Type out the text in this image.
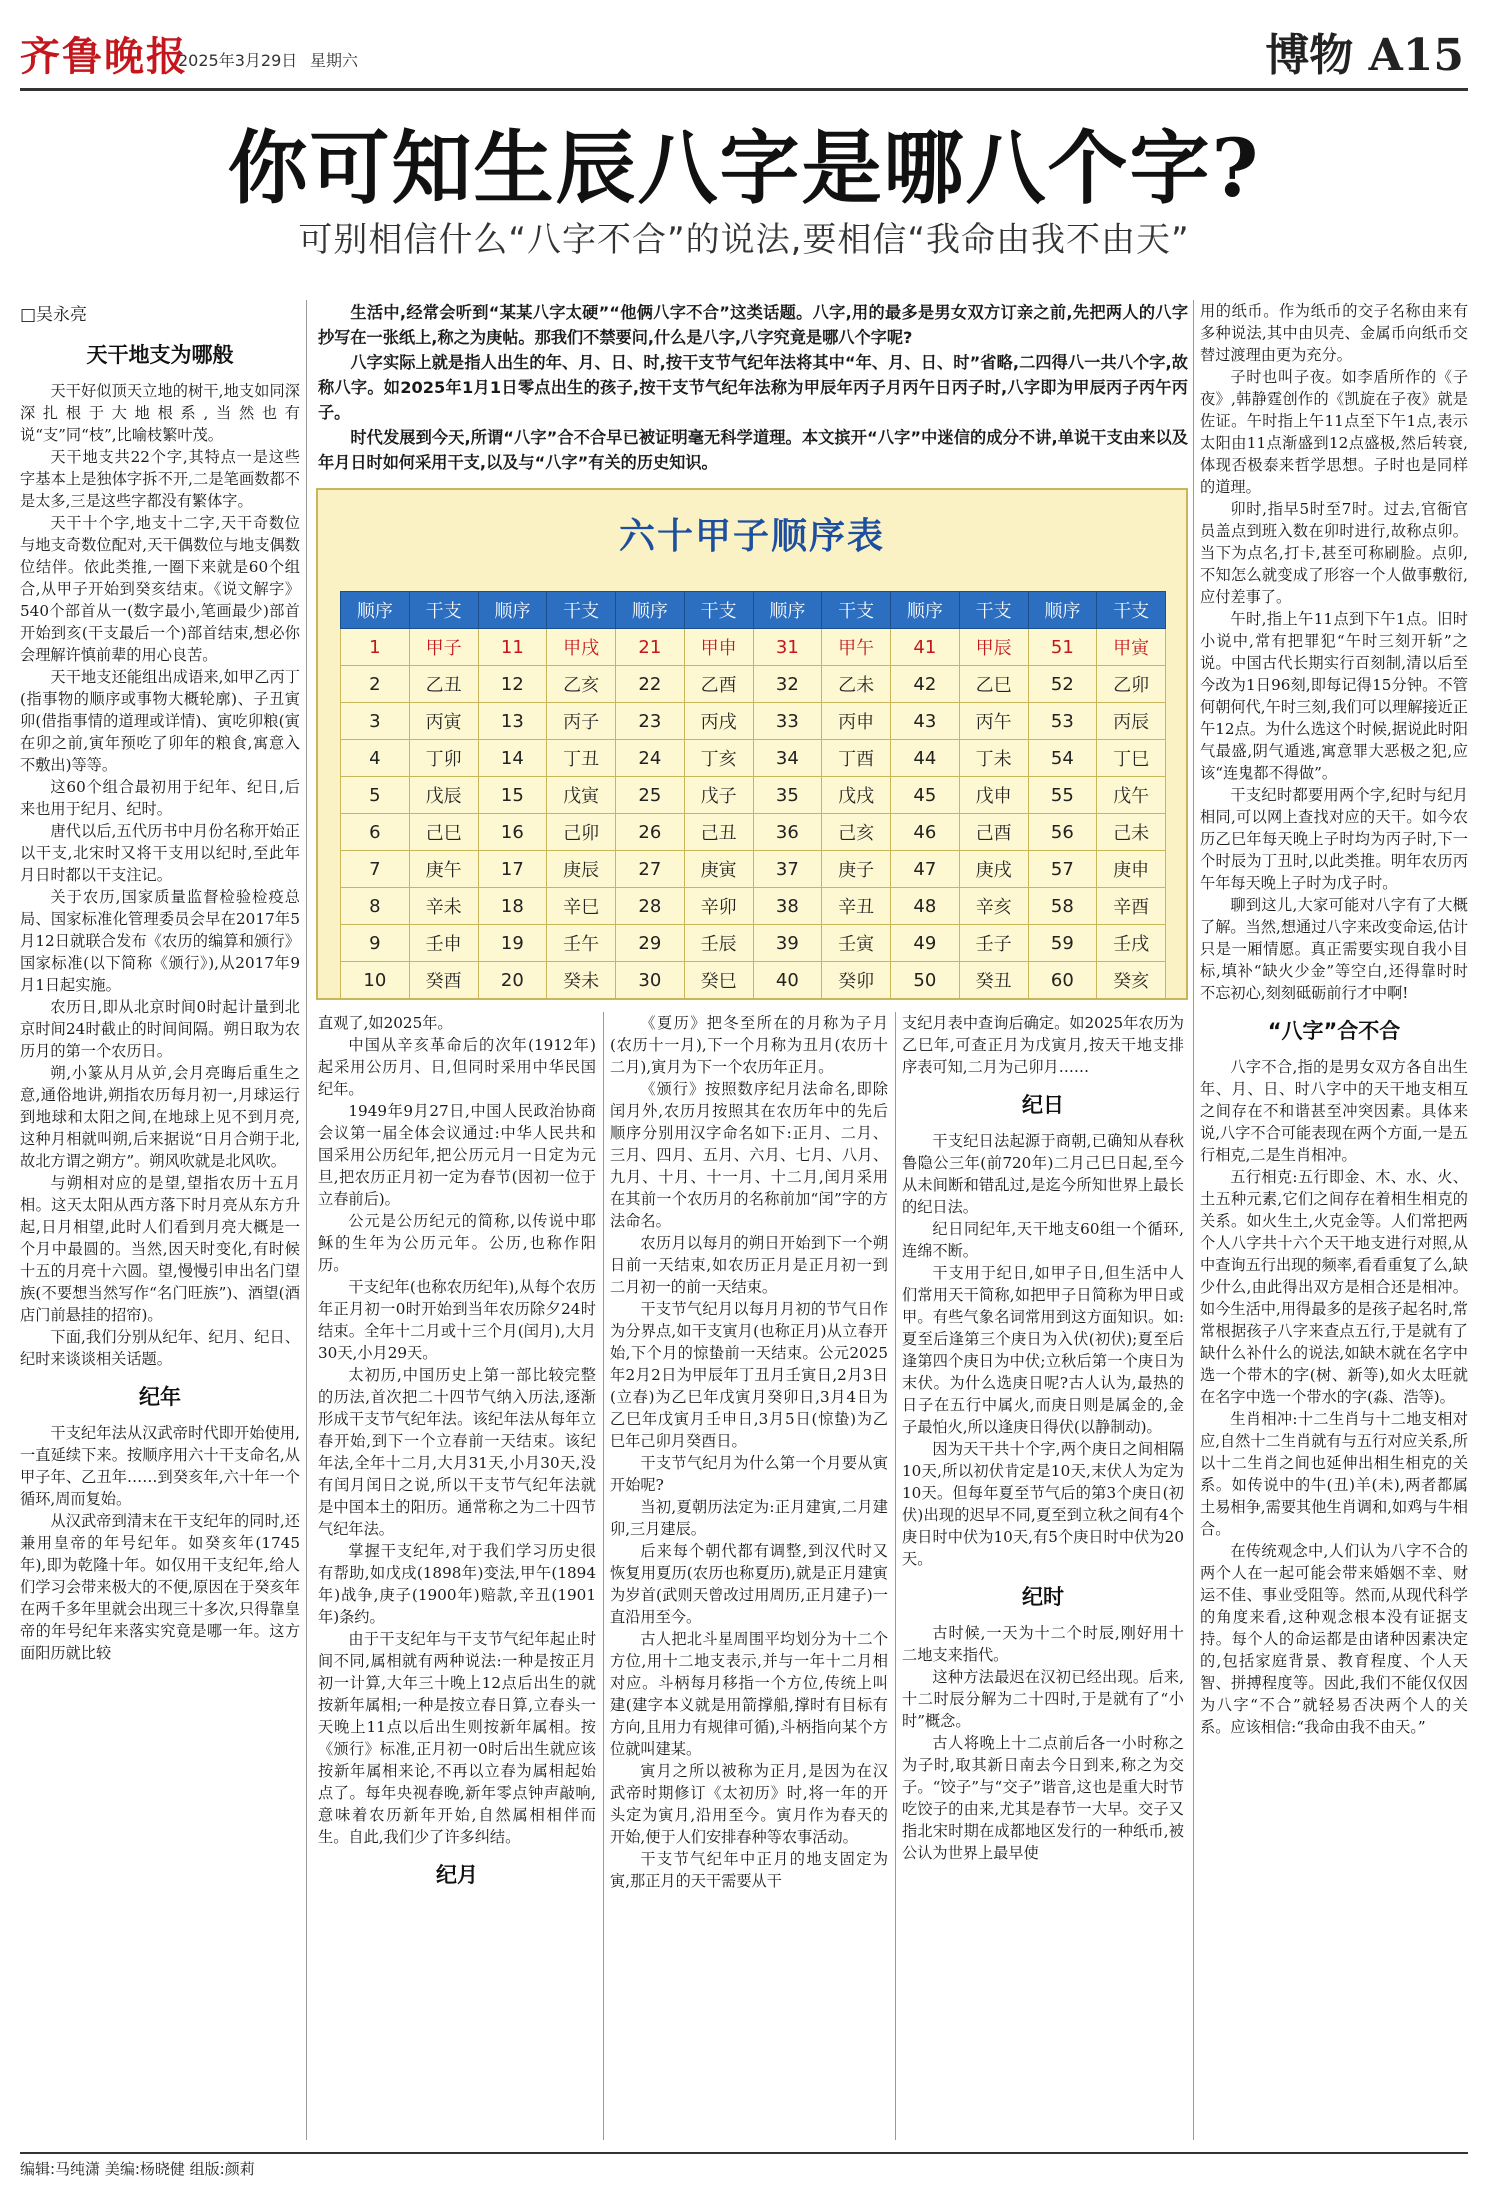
齐鲁晚报
2025年3月29日 星期六	博物 A15
你可知生辰八字是哪八个字?
可别相信什么“八字不合”的说法,要相信“我命由我不由天”
□吴永亮
天干地支为哪般

天干好似顶天立地的树干,地支如同深深扎根于大地根系,当然也有说“支”同“枝”,比喻枝繁叶茂。

天干地支共22个字,其特点一是这些字基本上是独体字拆不开,二是笔画数都不是太多,三是这些字都没有繁体字。

天干十个字,地支十二字,天干奇数位与地支奇数位配对,天干偶数位与地支偶数位结伴。依此类推,一圈下来就是60个组合,从甲子开始到癸亥结束。《说文解字》540个部首从一(数字最小,笔画最少)部首开始到亥(干支最后一个)部首结束,想必你会理解许慎前辈的用心良苦。

天干地支还能组出成语来,如甲乙丙丁(指事物的顺序或事物大概轮廓)、子丑寅卯(借指事情的道理或详情)、寅吃卯粮(寅在卯之前,寅年预吃了卯年的粮食,寓意入不敷出)等等。

这60个组合最初用于纪年、纪日,后来也用于纪月、纪时。

唐代以后,五代历书中月份名称开始正以干支,北宋时又将干支用以纪时,至此年月日时都以干支注记。

关于农历,国家质量监督检验检疫总局、国家标准化管理委员会早在2017年5月12日就联合发布《农历的编算和颁行》国家标准(以下简称《颁行》),从2017年9月1日起实施。

农历日,即从北京时间0时起计量到北京时间24时截止的时间间隔。朔日取为农历月的第一个农历日。

朔,小篆从月从屰,会月亮晦后重生之意,通俗地讲,朔指农历每月初一,月球运行到地球和太阳之间,在地球上见不到月亮,这种月相就叫朔,后来据说“日月合朔于北,故北方谓之朔方”。朔风吹就是北风吹。

与朔相对应的是望,望指农历十五月相。这天太阳从西方落下时月亮从东方升起,日月相望,此时人们看到月亮大概是一个月中最圆的。当然,因天时变化,有时候十五的月亮十六圆。望,慢慢引申出名门望族(不要想当然写作“名门旺族”)、酒望(酒店门前悬挂的招帘)。

下面,我们分别从纪年、纪月、纪日、纪时来谈谈相关话题。

纪年

干支纪年法从汉武帝时代即开始使用,一直延续下来。按顺序用六十干支命名,从甲子年、乙丑年……到癸亥年,六十年一个循环,周而复始。

从汉武帝到清末在干支纪年的同时,还兼用皇帝的年号纪年。如癸亥年(1745年),即为乾隆十年。如仅用干支纪年,给人们学习会带来极大的不便,原因在于癸亥年在两千多年里就会出现三十多次,只得靠皇帝的年号纪年来落实究竟是哪一年。这方面阳历就比较

生活中,经常会听到“某某八字太硬”“他俩八字不合”这类话题。八字,用的最多是男女双方订亲之前,先把两人的八字抄写在一张纸上,称之为庚帖。那我们不禁要问,什么是八字,八字究竟是哪八个字呢?

八字实际上就是指人出生的年、月、日、时,按干支节气纪年法将其中“年、月、日、时”省略,二四得八一共八个字,故称八字。如2025年1月1日零点出生的孩子,按干支节气纪年法称为甲辰年丙子月丙午日丙子时,八字即为甲辰丙子丙午丙子。

时代发展到今天,所谓“八字”合不合早已被证明毫无科学道理。本文摈开“八字”中迷信的成分不讲,单说干支由来以及年月日时如何采用干支,以及与“八字”有关的历史知识。

六十甲子顺序表
顺序	干支	顺序	干支	顺序	干支	顺序	干支	顺序	干支	顺序	干支
1	甲子	11	甲戌	21	甲申	31	甲午	41	甲辰	51	甲寅
2	乙丑	12	乙亥	22	乙酉	32	乙未	42	乙巳	52	乙卯
3	丙寅	13	丙子	23	丙戌	33	丙申	43	丙午	53	丙辰
4	丁卯	14	丁丑	24	丁亥	34	丁酉	44	丁未	54	丁巳
5	戊辰	15	戊寅	25	戊子	35	戊戌	45	戊申	55	戊午
6	己巳	16	己卯	26	己丑	36	己亥	46	己酉	56	己未
7	庚午	17	庚辰	27	庚寅	37	庚子	47	庚戌	57	庚申
8	辛未	18	辛巳	28	辛卯	38	辛丑	48	辛亥	58	辛酉
9	壬申	19	壬午	29	壬辰	39	壬寅	49	壬子	59	壬戌
10	癸酉	20	癸未	30	癸巳	40	癸卯	50	癸丑	60	癸亥

直观了,如2025年。

中国从辛亥革命后的次年(1912年)起采用公历月、日,但同时采用中华民国纪年。

1949年9月27日,中国人民政治协商会议第一届全体会议通过:中华人民共和国采用公历纪年,把公历元月一日定为元旦,把农历正月初一定为春节(因初一位于立春前后)。

公元是公历纪元的简称,以传说中耶稣的生年为公历元年。公历,也称作阳历。

干支纪年(也称农历纪年),从每个农历年正月初一0时开始到当年农历除夕24时结束。全年十二月或十三个月(闰月),大月30天,小月29天。

太初历,中国历史上第一部比较完整的历法,首次把二十四节气纳入历法,逐渐形成干支节气纪年法。该纪年法从每年立春开始,到下一个立春前一天结束。该纪年法,全年十二月,大月31天,小月30天,没有闰月闰日之说,所以干支节气纪年法就是中国本土的阳历。通常称之为二十四节气纪年法。

掌握干支纪年,对于我们学习历史很有帮助,如戊戌(1898年)变法,甲午(1894年)战争,庚子(1900年)赔款,辛丑(1901年)条约。

由于干支纪年与干支节气纪年起止时间不同,属相就有两种说法:一种是按正月初一计算,大年三十晚上12点后出生的就按新年属相;一种是按立春日算,立春头一天晚上11点以后出生则按新年属相。按《颁行》标准,正月初一0时后出生就应该按新年属相来论,不再以立春为属相起始点了。每年央视春晚,新年零点钟声敲响,意味着农历新年开始,自然属相相伴而生。自此,我们少了许多纠结。

纪月

《夏历》把冬至所在的月称为子月(农历十一月),下一个月称为丑月(农历十二月),寅月为下一个农历年正月。

《颁行》按照数序纪月法命名,即除闰月外,农历月按照其在农历年中的先后顺序分别用汉字命名如下:正月、二月、三月、四月、五月、六月、七月、八月、九月、十月、十一月、十二月,闰月采用在其前一个农历月的名称前加“闰”字的方法命名。

农历月以每月的朔日开始到下一个朔日前一天结束,如农历正月是正月初一到二月初一的前一天结束。

干支节气纪月以每月月初的节气日作为分界点,如干支寅月(也称正月)从立春开始,下个月的惊蛰前一天结束。公元2025年2月2日为甲辰年丁丑月壬寅日,2月3日(立春)为乙巳年戊寅月癸卯日,3月4日为乙巳年戊寅月壬申日,3月5日(惊蛰)为乙巳年己卯月癸酉日。

干支节气纪月为什么第一个月要从寅开始呢?

当初,夏朝历法定为:正月建寅,二月建卯,三月建辰。

后来每个朝代都有调整,到汉代时又恢复用夏历(农历也称夏历),就是正月建寅为岁首(武则天曾改过用周历,正月建子)一直沿用至今。

古人把北斗星周围平均划分为十二个方位,用十二地支表示,并与一年十二月相对应。斗柄每月移指一个方位,传统上叫建(建字本义就是用箭撑船,撑时有目标有方向,且用力有规律可循),斗柄指向某个方位就叫建某。

寅月之所以被称为正月,是因为在汉武帝时期修订《太初历》时,将一年的开头定为寅月,沿用至今。寅月作为春天的开始,便于人们安排春种等农事活动。

干支节气纪年中正月的地支固定为寅,那正月的天干需要从干

支纪月表中查询后确定。如2025年农历为乙巳年,可查正月为戊寅月,按天干地支排序表可知,二月为己卯月……

纪日

干支纪日法起源于商朝,已确知从春秋鲁隐公三年(前720年)二月己巳日起,至今从未间断和错乱过,是迄今所知世界上最长的纪日法。

纪日同纪年,天干地支60组一个循环,连绵不断。

干支用于纪日,如甲子日,但生活中人们常用天干简称,如把甲子日简称为甲日或甲。有些气象名词常用到这方面知识。如:夏至后逢第三个庚日为入伏(初伏);夏至后逢第四个庚日为中伏;立秋后第一个庚日为末伏。为什么选庚日呢?古人认为,最热的日子在五行中属火,而庚日则是属金的,金子最怕火,所以逢庚日得伏(以静制动)。

因为天干共十个字,两个庚日之间相隔10天,所以初伏肯定是10天,末伏人为定为10天。但每年夏至节气后的第3个庚日(初伏)出现的迟早不同,夏至到立秋之间有4个庚日时中伏为10天,有5个庚日时中伏为20天。

纪时

古时候,一天为十二个时辰,刚好用十二地支来指代。

这种方法最迟在汉初已经出现。后来,十二时辰分解为二十四时,于是就有了“小时”概念。

古人将晚上十二点前后各一小时称之为子时,取其新日南去今日到来,称之为交子。“饺子”与“交子”谐音,这也是重大时节吃饺子的由来,尤其是春节一大早。交子又指北宋时期在成都地区发行的一种纸币,被公认为世界上最早使

用的纸币。作为纸币的交子名称由来有多种说法,其中由贝壳、金属币向纸币交替过渡理由更为充分。

子时也叫子夜。如李盾所作的《子夜》,韩静霆创作的《凯旋在子夜》就是佐证。午时指上午11点至下午1点,表示太阳由11点渐盛到12点盛极,然后转衰,体现否极泰来哲学思想。子时也是同样的道理。

卯时,指早5时至7时。过去,官衙官员盖点到班入数在卯时进行,故称点卯。当下为点名,打卡,甚至可称刷脸。点卯,不知怎么就变成了形容一个人做事敷衍,应付差事了。

午时,指上午11点到下午1点。旧时小说中,常有把罪犯“午时三刻开斩”之说。中国古代长期实行百刻制,清以后至今改为1日96刻,即每记得15分钟。不管何朝何代,午时三刻,我们可以理解接近正午12点。为什么选这个时候,据说此时阳气最盛,阴气遁逃,寓意罪大恶极之犯,应该“连鬼都不得做”。

干支纪时都要用两个字,纪时与纪月相同,可以网上查找对应的天干。如今农历乙巳年每天晚上子时均为丙子时,下一个时辰为丁丑时,以此类推。明年农历丙午年每天晚上子时为戊子时。

聊到这儿,大家可能对八字有了大概了解。当然,想通过八字来改变命运,估计只是一厢情愿。真正需要实现自我小目标,填补“缺火少金”等空白,还得靠时时不忘初心,刻刻砥砺前行才中啊!

“八字”合不合

八字不合,指的是男女双方各自出生年、月、日、时八字中的天干地支相互之间存在不和谐甚至冲突因素。具体来说,八字不合可能表现在两个方面,一是五行相克,二是生肖相冲。

五行相克:五行即金、木、水、火、土五种元素,它们之间存在着相生相克的关系。如火生土,火克金等。人们常把两个人八字共十六个天干地支进行对照,从中查询五行出现的频率,看看重复了么,缺少什么,由此得出双方是相合还是相冲。如今生活中,用得最多的是孩子起名时,常常根据孩子八字来查点五行,于是就有了缺什么补什么的说法,如缺木就在名字中选一个带木的字(树、新等),如火太旺就在名字中选一个带水的字(淼、浩等)。

生肖相冲:十二生肖与十二地支相对应,自然十二生肖就有与五行对应关系,所以十二生肖之间也延伸出相生相克的关系。如传说中的牛(丑)羊(未),两者都属土易相争,需要其他生肖调和,如鸡与牛相合。

在传统观念中,人们认为八字不合的两个人在一起可能会带来婚姻不幸、财运不佳、事业受阻等。然而,从现代科学的角度来看,这种观念根本没有证据支持。每个人的命运都是由诸种因素决定的,包括家庭背景、教育程度、个人天智、拼搏程度等。因此,我们不能仅仅因为八字“不合”就轻易否决两个人的关系。应该相信:“我命由我不由天。”

编辑:马纯潇 美编:杨晓健 组版:颜莉
